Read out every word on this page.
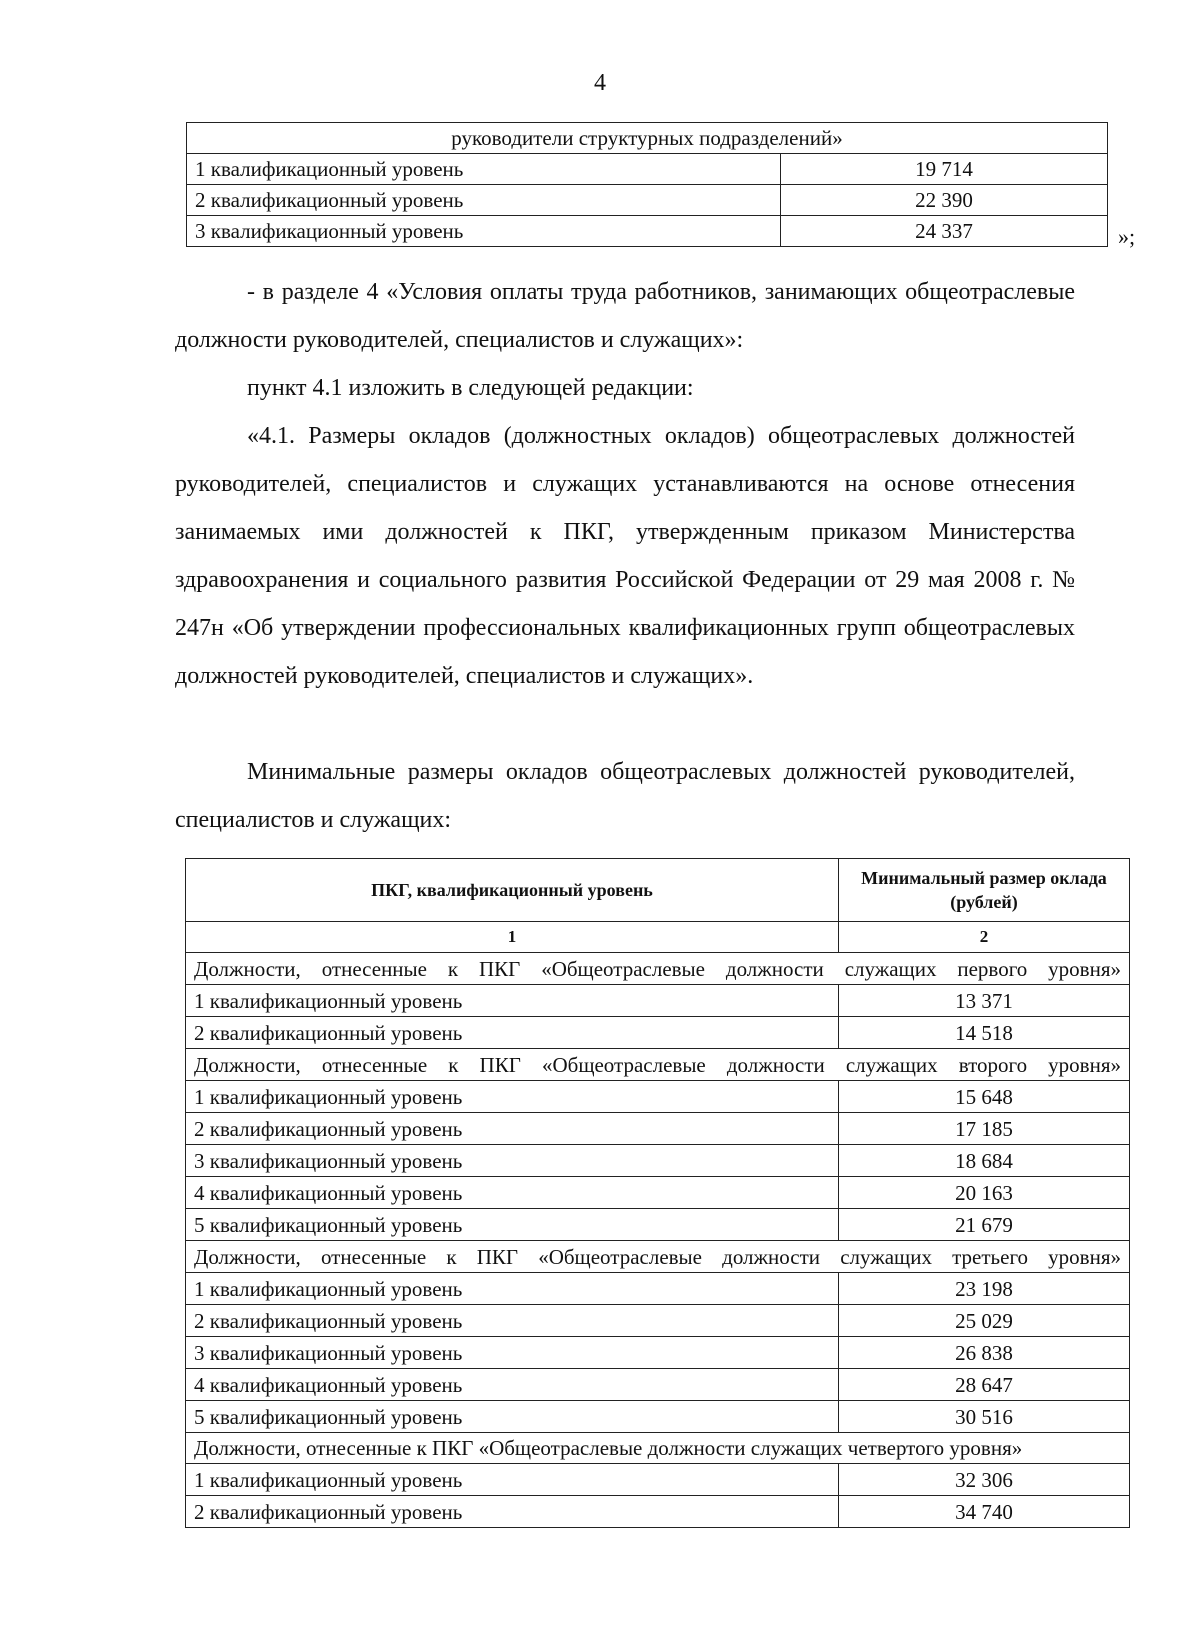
4
руководители структурных подразделений»	
1 квалификационный уровень	19 714
2 квалификационный уровень	22 390
3 квалификационный уровень	24 337	»;
- в разделе 4 «Условия оплаты труда работников, занимающих общеотраслевые должности руководителей, специалистов и служащих»:
пункт 4.1 изложить в следующей редакции:
«4.1. Размеры окладов (должностных окладов) общеотраслевых должностей руководителей, специалистов и служащих устанавливаются на основе отнесения занимаемых ими должностей к ПКГ, утвержденным приказом Министерства здравоохранения и социального развития Российской Федерации от 29 мая 2008 г. № 247н «Об утверждении профессиональных квалификационных групп общеотраслевых должностей руководителей, специалистов и служащих».
Минимальные размеры окладов общеотраслевых должностей руководителей, специалистов и служащих:
ПКГ, квалификационный уровень	Минимальный размер оклада (рублей)
1	2
Должности, отнесенные к ПКГ «Общеотраслевые должности служащих первого уровня»	
1 квалификационный уровень	13 371
2 квалификационный уровень	14 518
Должности, отнесенные к ПКГ «Общеотраслевые должности служащих второго уровня»	
1 квалификационный уровень	15 648
2 квалификационный уровень	17 185
3 квалификационный уровень	18 684
4 квалификационный уровень	20 163
5 квалификационный уровень	21 679
Должности, отнесенные к ПКГ «Общеотраслевые должности служащих третьего уровня»	
1 квалификационный уровень	23 198
2 квалификационный уровень	25 029
3 квалификационный уровень	26 838
4 квалификационный уровень	28 647
5 квалификационный уровень	30 516
Должности, отнесенные к ПКГ «Общеотраслевые должности служащих четвертого уровня»	
1 квалификационный уровень	32 306
2 квалификационный уровень	34 740
